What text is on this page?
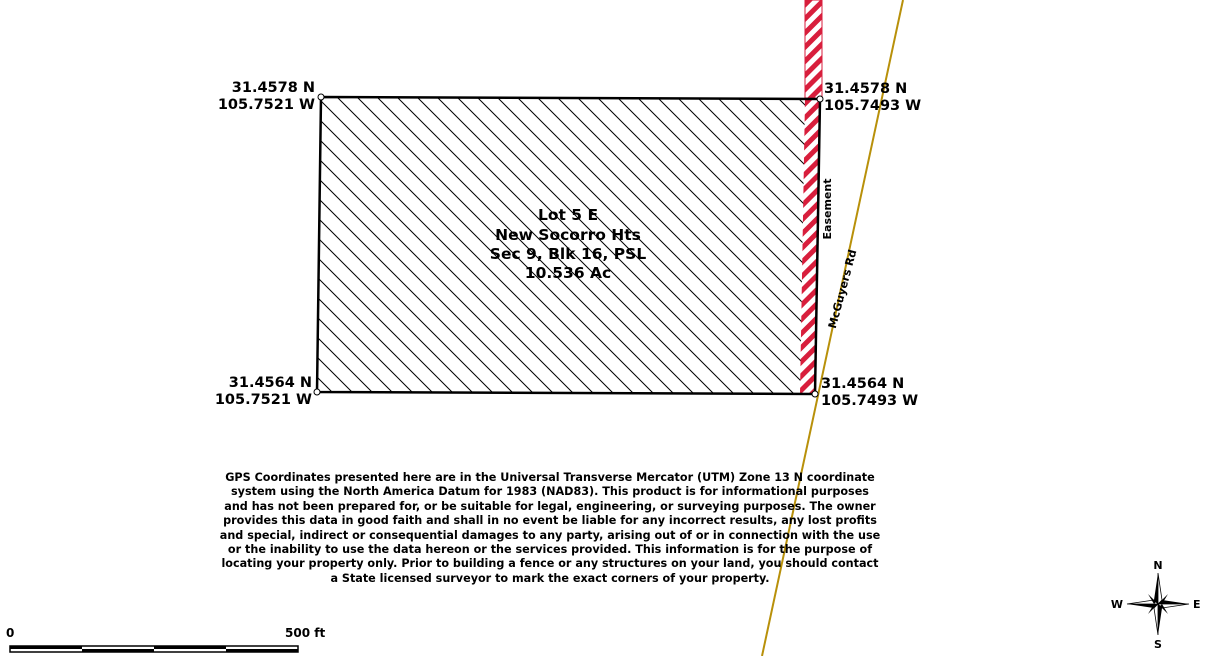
31.4578 N
105.7521 W
31.4578 N
105.7493 W
31.4564 N
105.7521 W
31.4564 N
105.7493 W
Lot 5 E
New Socorro Hts
Sec 9, Blk 16, PSL
10.536 Ac
Easement
McGuyers Rd
0	500 ft
N
S
E
W
GPS Coordinates presented here are in the Universal Transverse Mercator (UTM) Zone 13 N coordinate
system using the North America Datum for 1983 (NAD83). This product is for informational purposes
and has not been prepared for, or be suitable for legal, engineering, or surveying purposes. The owner
provides this data in good faith and shall in no event be liable for any incorrect results, any lost profits
and special, indirect or consequential damages to any party, arising out of or in connection with the use
or the inability to use the data hereon or the services provided. This information is for the purpose of
locating your property only. Prior to building a fence or any structures on your land, you should contact
a State licensed surveyor to mark the exact corners of your property.
